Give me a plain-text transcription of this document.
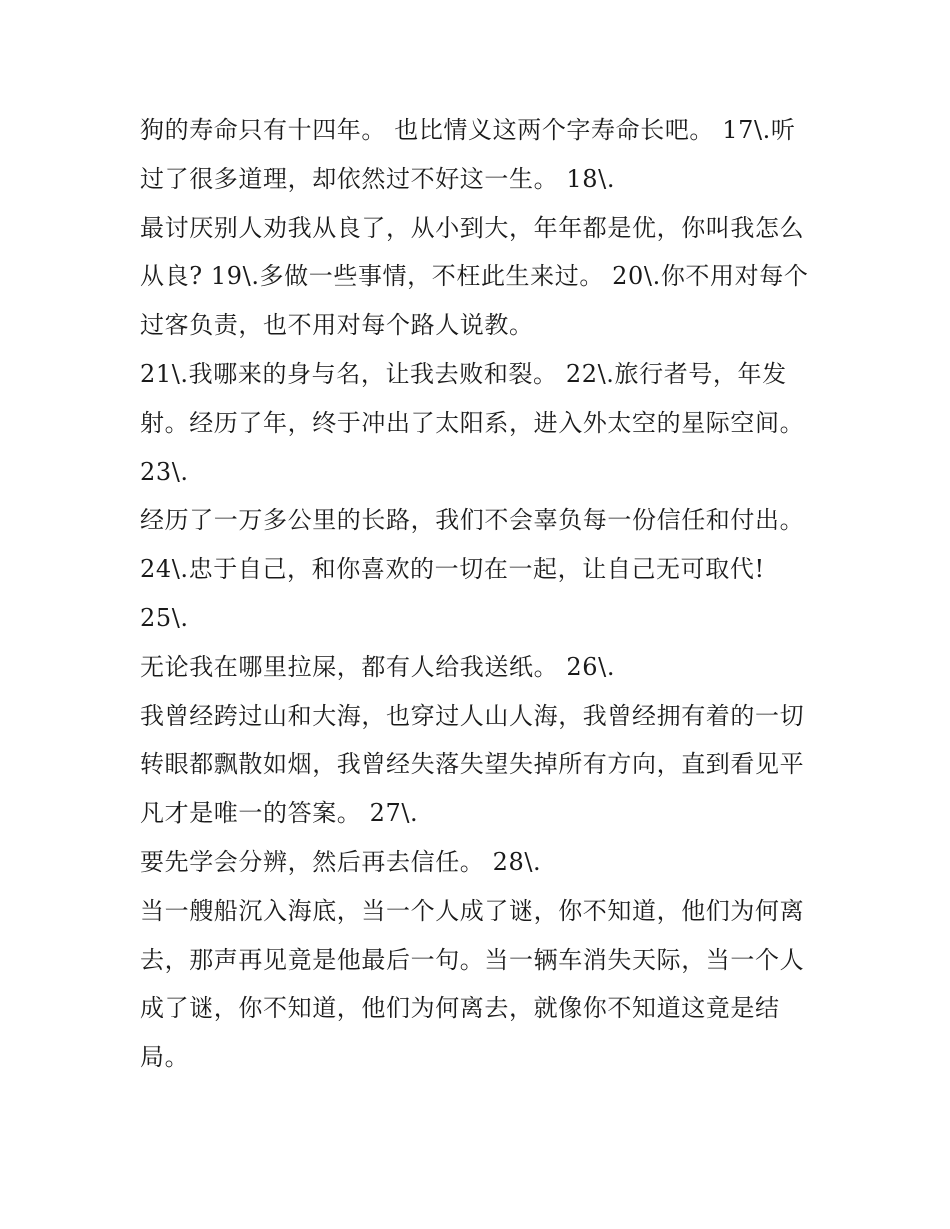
狗的寿命只有十四年。 也比情义这两个字寿命长吧。 17\.听
过了很多道理，却依然过不好这一生。 18\.
最讨厌别人劝我从良了，从小到大，年年都是优，你叫我怎么
从良? 19\.多做一些事情，不枉此生来过。 20\.你不用对每个
过客负责，也不用对每个路人说教。
21\.我哪来的身与名，让我去败和裂。 22\.旅行者号，年发
射。经历了年，终于冲出了太阳系，进入外太空的星际空间。
23\.
经历了一万多公里的长路，我们不会辜负每一份信任和付出。
24\.忠于自己，和你喜欢的一切在一起，让自己无可取代!
25\.
无论我在哪里拉屎，都有人给我送纸。 26\.
我曾经跨过山和大海，也穿过人山人海，我曾经拥有着的一切
转眼都飘散如烟，我曾经失落失望失掉所有方向，直到看见平
凡才是唯一的答案。 27\.
要先学会分辨，然后再去信任。 28\.
当一艘船沉入海底，当一个人成了谜，你不知道，他们为何离
去，那声再见竟是他最后一句。当一辆车消失天际，当一个人
成了谜，你不知道，他们为何离去，就像你不知道这竟是结
局。
